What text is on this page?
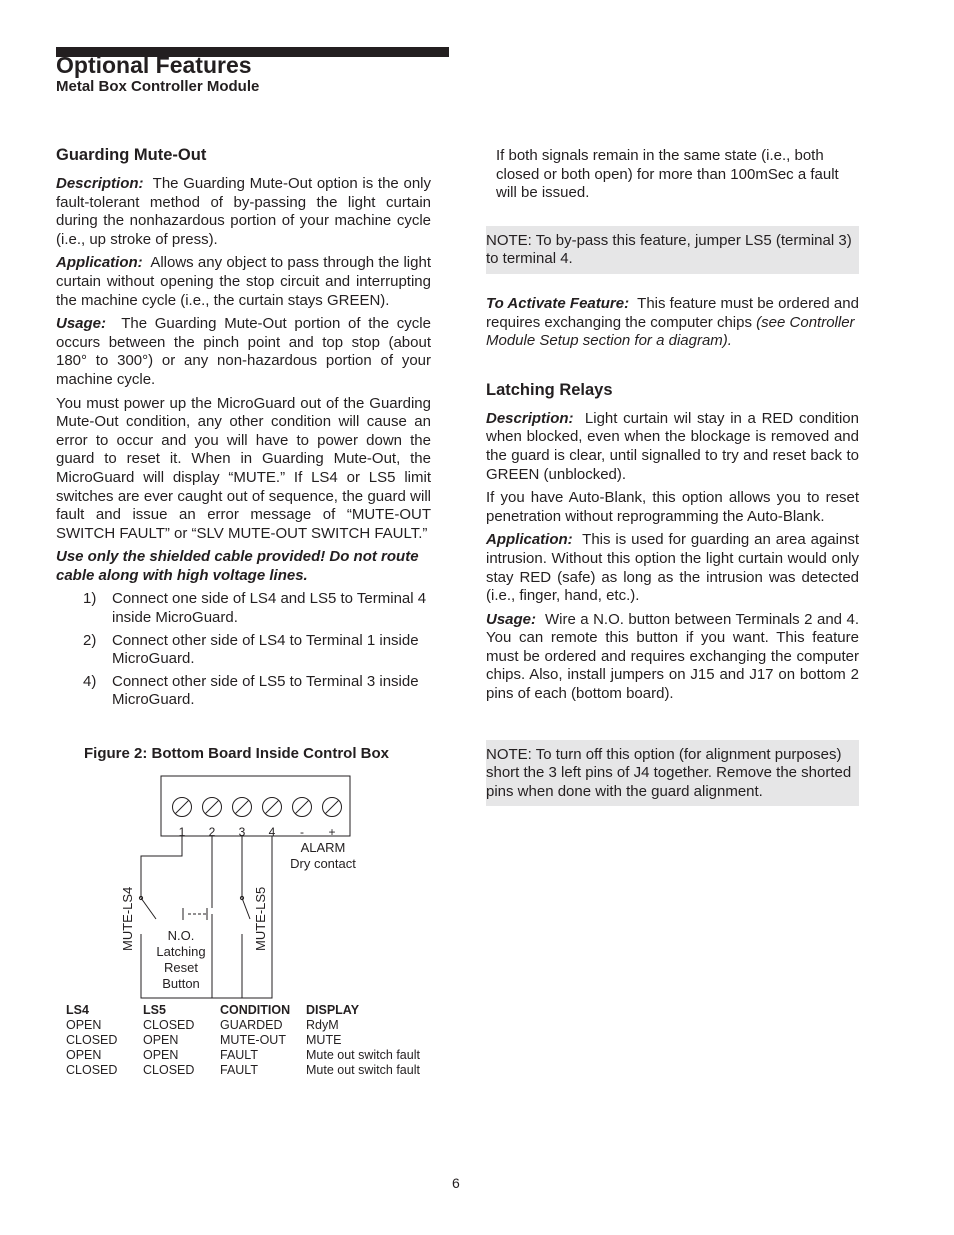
Optional Features
Metal Box Controller Module
Guarding Mute-Out

Description: The Guarding Mute-Out option is the only fault-tolerant method of by-passing the light curtain during the nonhazardous portion of your machine cycle (i.e., up stroke of press).

Application: Allows any object to pass through the light curtain without opening the stop circuit and interrupting the machine cycle (i.e., the curtain stays GREEN).

Usage: The Guarding Mute-Out portion of the cycle occurs between the pinch point and top stop (about 180° to 300°) or any non-hazardous portion of your machine cycle.

You must power up the MicroGuard out of the Guarding Mute-Out condition, any other condition will cause an error to occur and you will have to power down the guard to reset it. When in Guarding Mute-Out, the MicroGuard will display “MUTE.” If LS4 or LS5 limit switches are ever caught out of sequence, the guard will fault and issue an error message of “MUTE-OUT SWITCH FAULT” or “SLV MUTE-OUT SWITCH FAULT.”

Use only the shielded cable provided! Do not route cable along with high voltage lines.

1) Connect one side of LS4 and LS5 to Terminal 4 inside MicroGuard.
2) Connect other side of LS4 to Terminal 1 inside MicroGuard.
4) Connect other side of LS5 to Terminal 3 inside MicroGuard.

Figure 2: Bottom Board Inside Control Box

1 2 3 4 - +
ALARM
Dry contact
MUTE-LS4	MUTE-LS5
N.O.
Latching
Reset
Button
LS4	LS5	CONDITION	DISPLAY
OPEN	CLOSED	GUARDED	RdyM
CLOSED	OPEN	MUTE-OUT	MUTE
OPEN	OPEN	FAULT	Mute out switch fault
CLOSED	CLOSED	FAULT	Mute out switch fault

If both signals remain in the same state (i.e., both closed or both open) for more than 100mSec a fault will be issued.

NOTE: To by-pass this feature, jumper LS5 (terminal 3) to terminal 4.

To Activate Feature: This feature must be ordered and requires exchanging the computer chips (see Controller Module Setup section for a diagram).

Latching Relays

Description: Light curtain wil stay in a RED condition when blocked, even when the blockage is removed and the guard is clear, until signalled to try and reset back to GREEN (unblocked).

If you have Auto-Blank, this option allows you to reset penetration without reprogramming the Auto-Blank.

Application: This is used for guarding an area against intrusion. Without this option the light curtain would only stay RED (safe) as long as the intrusion was detected (i.e., finger, hand, etc.).

Usage: Wire a N.O. button between Terminals 2 and 4. You can remote this button if you want. This feature must be ordered and requires exchanging the computer chips. Also, install jumpers on J15 and J17 on bottom 2 pins of each (bottom board).

NOTE: To turn off this option (for alignment purposes) short the 3 left pins of J4 together. Remove the shorted pins when done with the guard alignment.

6
